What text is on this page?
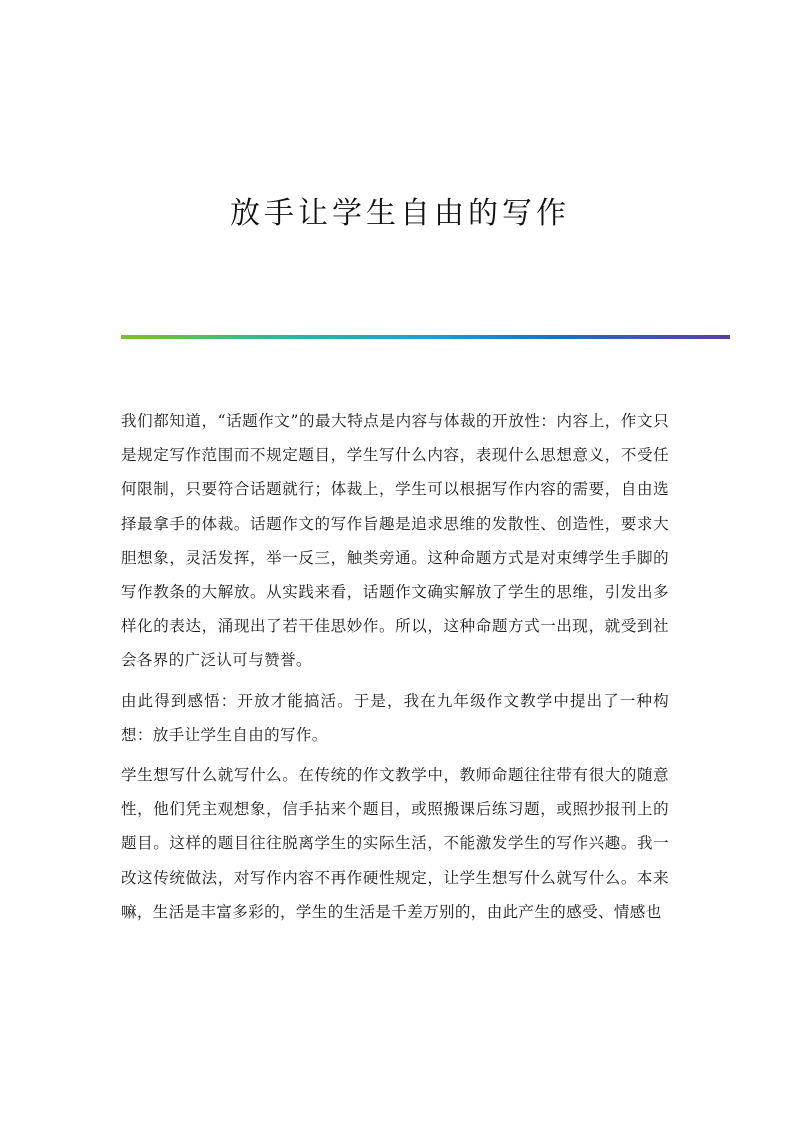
放手让学生自由的写作

我们都知道，“话题作文”的最大特点是内容与体裁的开放性：内容上，作文只是规定写作范围而不规定题目，学生写什么内容，表现什么思想意义，不受任何限制，只要符合话题就行；体裁上，学生可以根据写作内容的需要，自由选择最拿手的体裁。话题作文的写作旨趣是追求思维的发散性、创造性，要求大胆想象，灵活发挥，举一反三，触类旁通。这种命题方式是对束缚学生手脚的写作教条的大解放。从实践来看，话题作文确实解放了学生的思维，引发出多样化的表达，涌现出了若干佳思妙作。所以，这种命题方式一出现，就受到社会各界的广泛认可与赞誉。

由此得到感悟：开放才能搞活。于是，我在九年级作文教学中提出了一种构想：放手让学生自由的写作。

学生想写什么就写什么。在传统的作文教学中，教师命题往往带有很大的随意性，他们凭主观想象，信手拈来个题目，或照搬课后练习题，或照抄报刊上的题目。这样的题目往往脱离学生的实际生活，不能激发学生的写作兴趣。我一改这传统做法，对写作内容不再作硬性规定，让学生想写什么就写什么。本来嘛，生活是丰富多彩的，学生的生活是千差万别的，由此产生的感受、情感也
